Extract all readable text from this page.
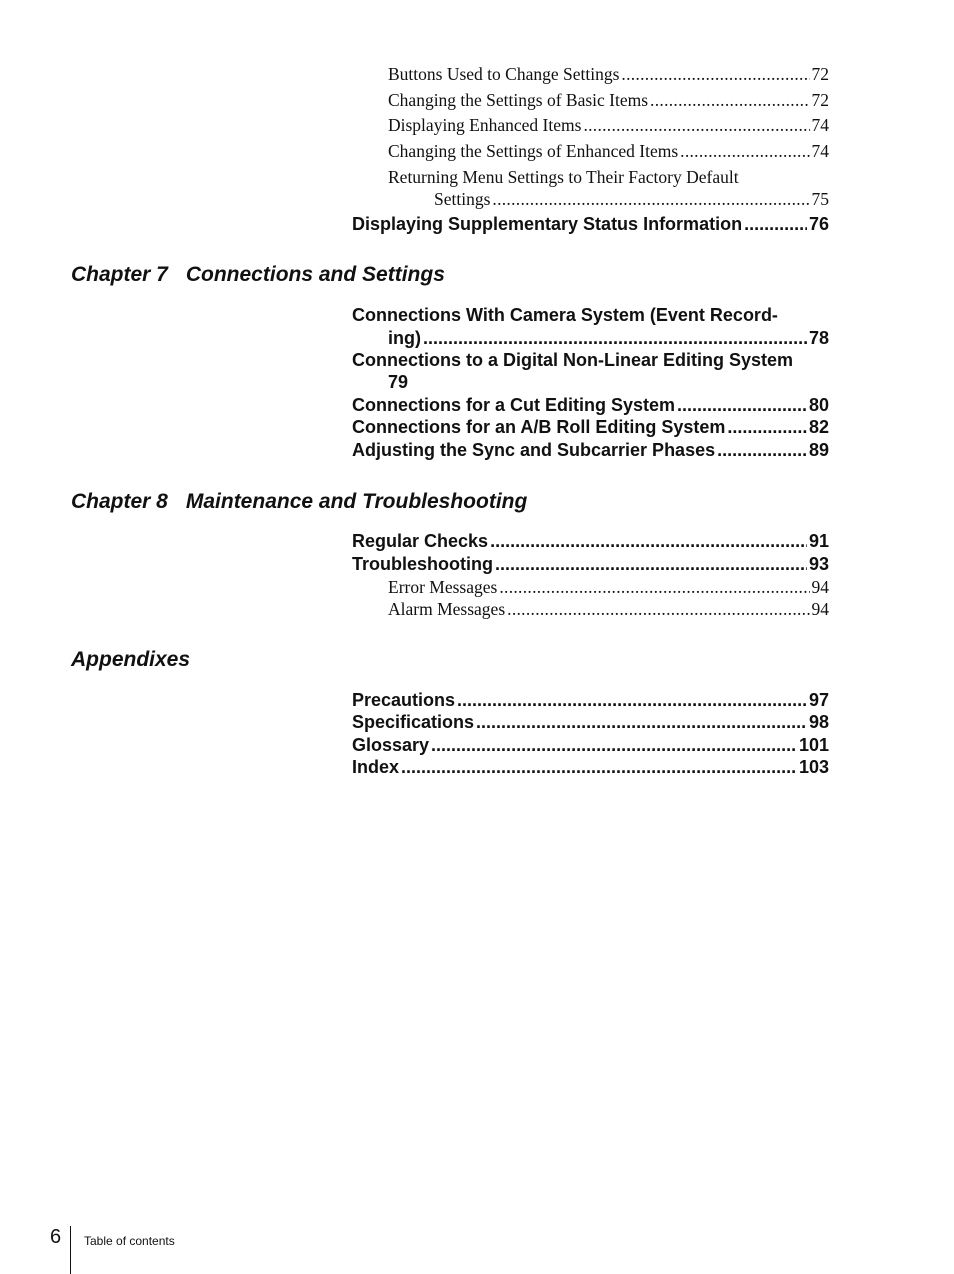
Buttons Used to Change Settings .....	72
Changing the Settings of Basic Items .....	72
Displaying Enhanced Items .....	74
Changing the Settings of Enhanced Items .....	74
Returning Menu Settings to Their Factory Default
Settings .....	75
Displaying Supplementary Status Information .....	76
Chapter 7 Connections and Settings
Connections With Camera System (Event Record-
ing) .....	78
Connections to a Digital Non-Linear Editing System
79
Connections for a Cut Editing System .....	80
Connections for an A/B Roll Editing System .....	82
Adjusting the Sync and Subcarrier Phases .....	89
Chapter 8 Maintenance and Troubleshooting
Regular Checks .....	91
Troubleshooting .....	93
Error Messages .....	94
Alarm Messages .....	94
Appendixes
Precautions .....	97
Specifications .....	98
Glossary .....	101
Index .....	103
6 Table of contents
